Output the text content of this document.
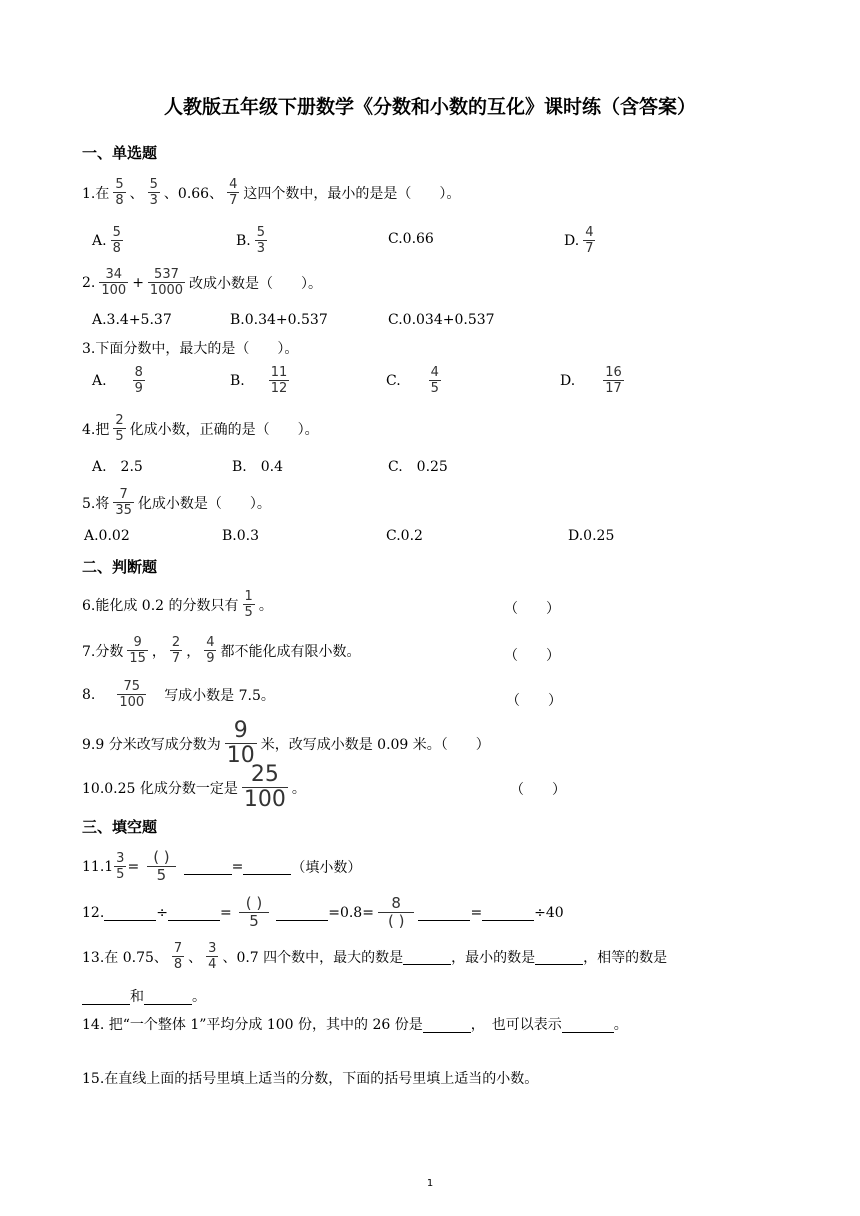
人教版五年级下册数学《分数和小数的互化》课时练（含答案）
一、单选题
1.在 $\frac{5}{8}$ 、 $\frac{5}{3}$ 、0.66、 $\frac{4}{7}$ 这四个数中，最小的是是（　　）。
A. $\frac{5}{8}$	B. $\frac{5}{3}$	C.0.66	D. $\frac{4}{7}$
2. $\frac{34}{100} + \frac{537}{1000}$ 改成小数是（　　）。
A.3.4+5.37	B.0.34+0.537	C.0.034+0.537
3.下面分数中，最大的是（　　）。
A. $\frac{8}{9}$	B. $\frac{11}{12}$	C. $\frac{4}{5}$	D. $\frac{16}{17}$
4.把 $\frac{2}{5}$ 化成小数，正确的是（　　）。
A.　2.5	B.　0.4	C.　0.25
5.将 $\frac{7}{35}$ 化成小数是（　　）。
A.0.02	B.0.3	C.0.2	D.0.25
二、判断题
6.能化成 0.2 的分数只有 $\frac{1}{5}$ 。	（　　）
7.分数 $\frac{9}{15}$ ， $\frac{2}{7}$ ， $\frac{4}{9}$ 都不能化成有限小数。	（　　）
8. $\frac{75}{100}$ 写成小数是 7.5。	（　　）
9.9 分米改写成分数为 $\frac{9}{10}$ 米，改写成小数是 0.09 米。（　　）
10.0.25 化成分数一定是 $\frac{25}{100}$ 。	（　　）
三、填空题
$11.1 \frac{3}{5} = \frac{( )}{5}$	=	（填小数）
12.	÷	= $\frac{( )}{5}$	$=0.8= \frac{8}{( )}$	=	÷40
13.在 0.75、 $\frac{7}{8}$ 、 $\frac{3}{4}$ 、0.7 四个数中，最大的数是	，最小的数是	，相等的数是
和	。
14. 把“一个整体 1”平均分成 100 份，其中的 26 份是	，　也可以表示	。
15.在直线上面的括号里填上适当的分数，下面的括号里填上适当的小数。
1
